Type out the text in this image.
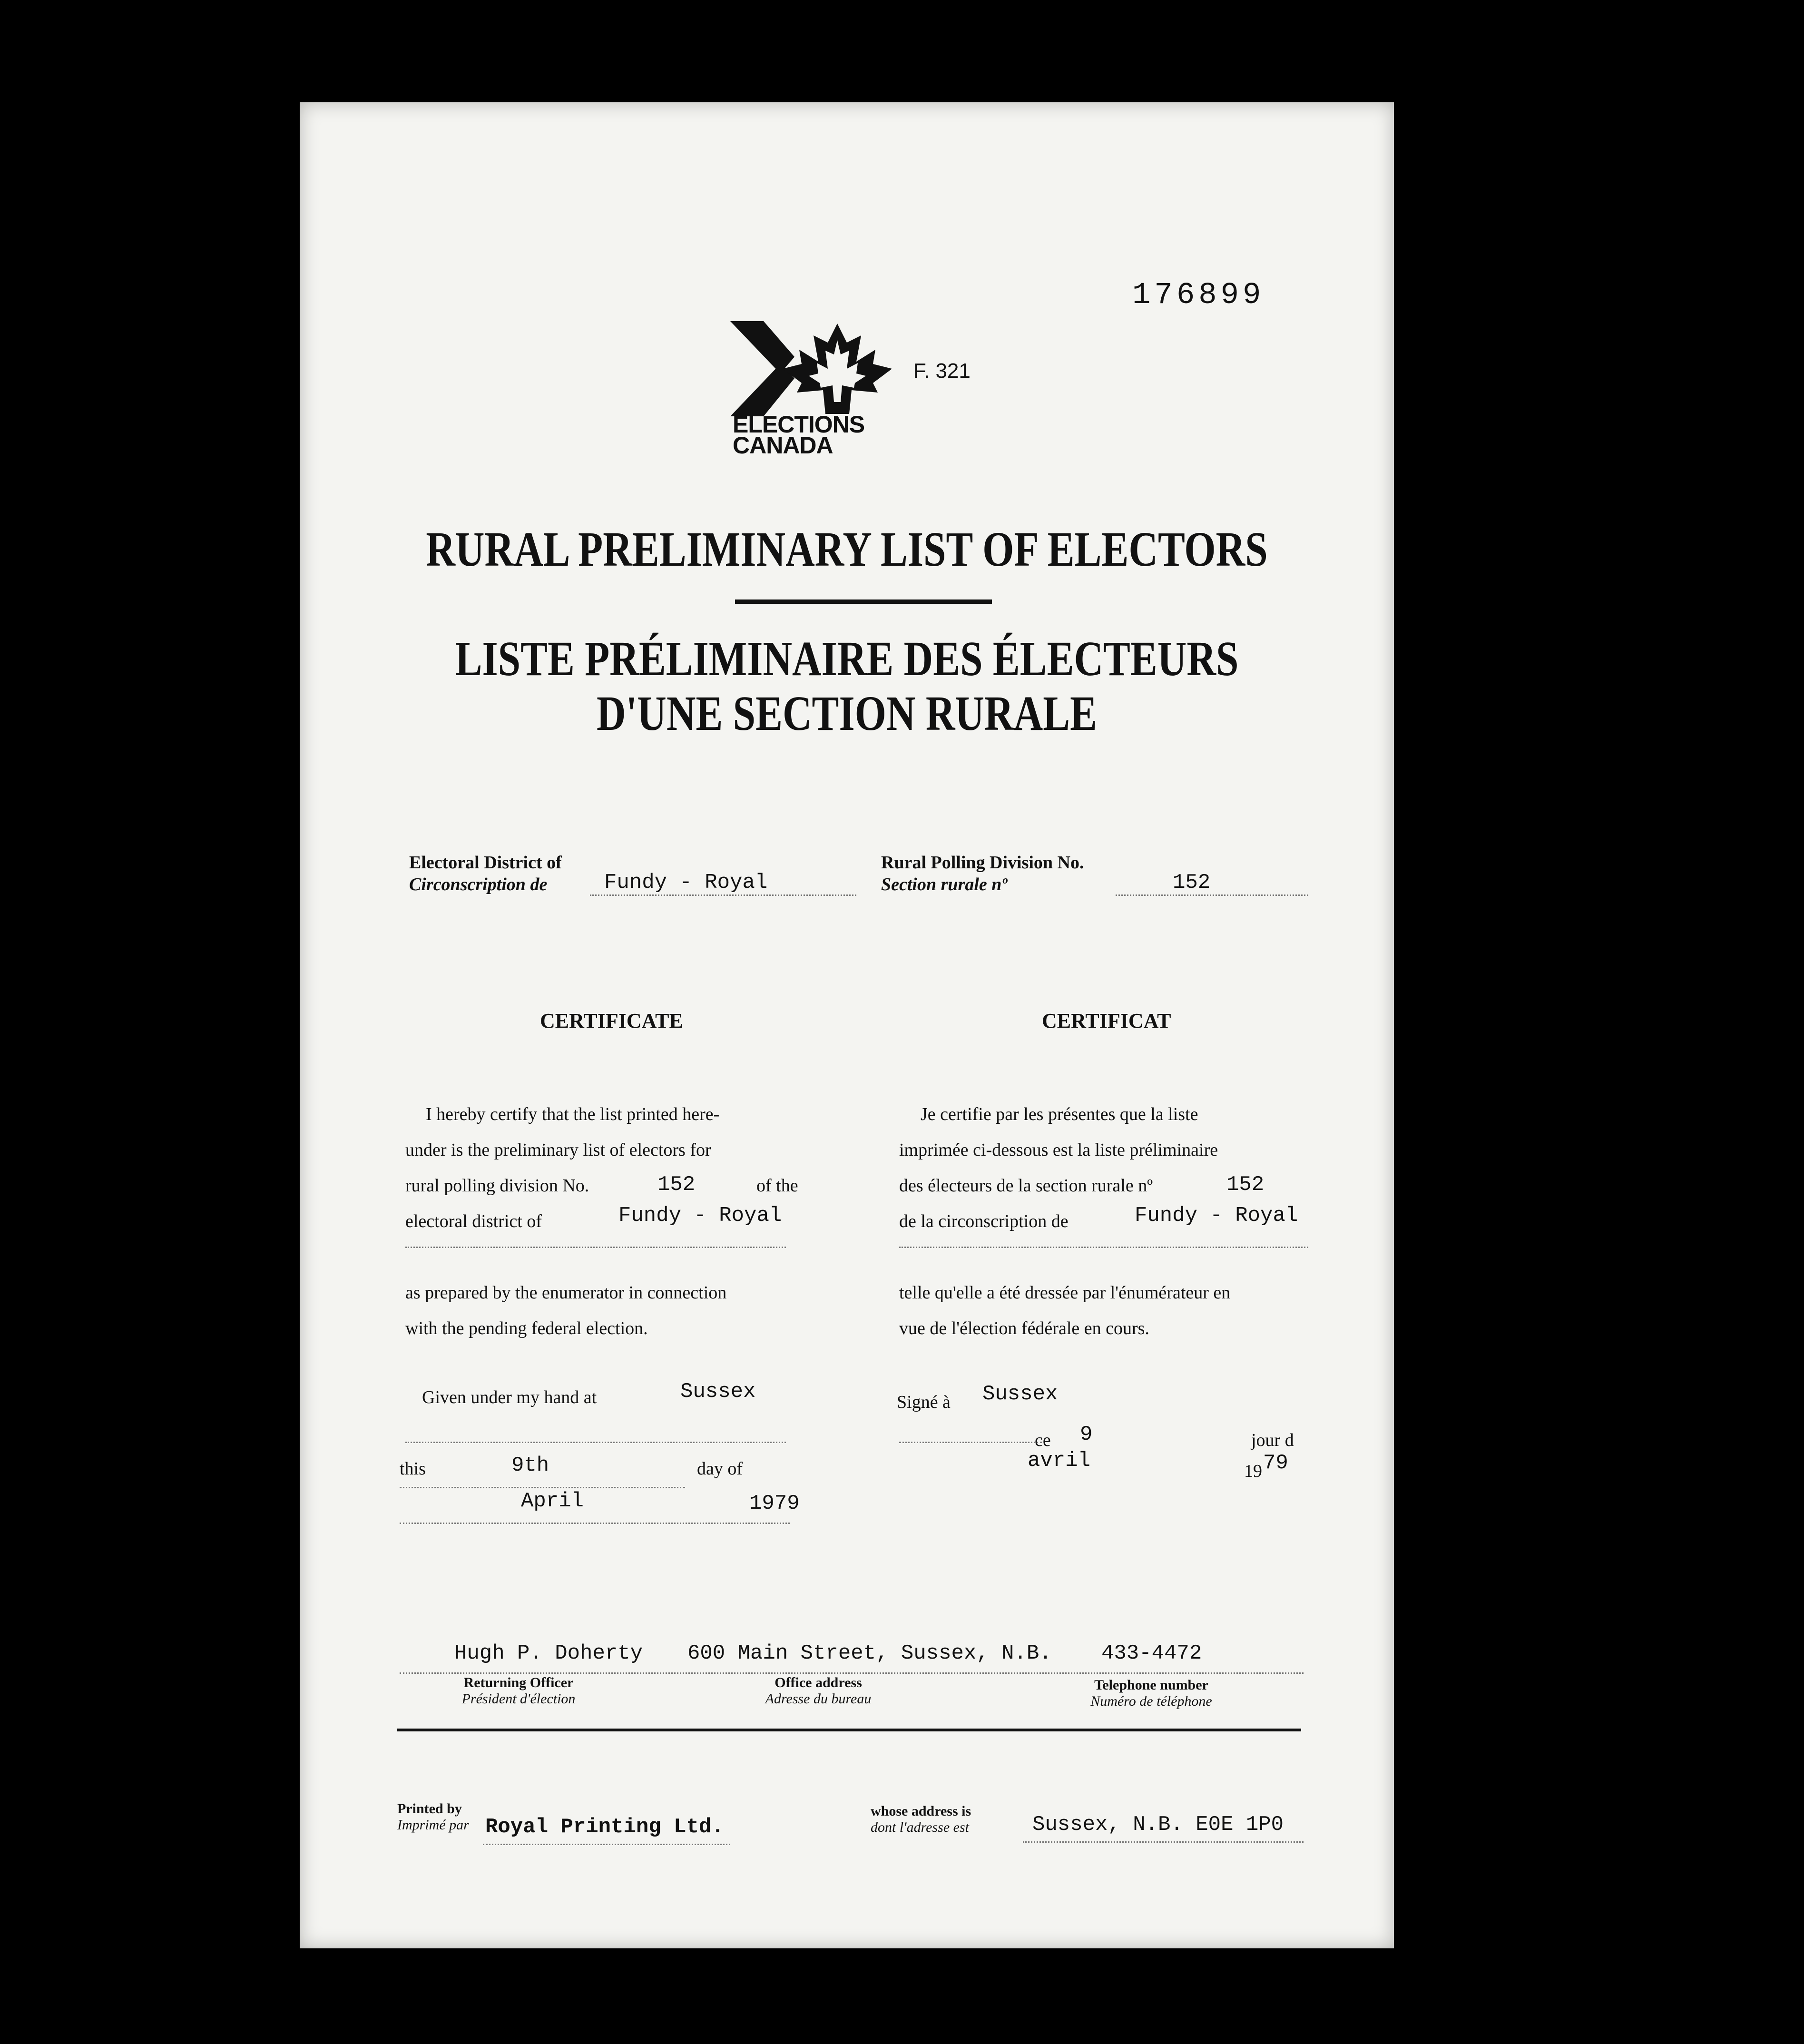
176899
F. 321
ELECTIONS
CANADA
RURAL PRELIMINARY LIST OF ELECTORS
LISTE PRÉLIMINAIRE DES ÉLECTEURS
D'UNE SECTION RURALE
Electoral District of
Circonscription de	Fundy - Royal
Rural Polling Division No.
Section rurale nº	152
CERTIFICATE
I hereby certify that the list printed here-
under is the preliminary list of electors for
rural polling division No.	152	of the
electoral district of	Fundy - Royal
as prepared by the enumerator in connection
with the pending federal election.
Given under my hand at	Sussex
this	9th	day of
April	1979
CERTIFICAT
Je certifie par les présentes que la liste
imprimée ci-dessous est la liste préliminaire
des électeurs de la section rurale nº	152
de la circonscription de	Fundy - Royal
telle qu'elle a été dressée par l'énumérateur en
vue de l'élection fédérale en cours.
Signé à Sussex
ce 9	jour d
avril	19 79
Hugh P. Doherty 600 Main Street, Sussex, N.B. 433-4472
Returning Officer
Président d'élection
Office address
Adresse du bureau
Telephone number
Numéro de téléphone
Printed by
Imprimé par Royal Printing Ltd.
whose address is
dont l'adresse est	Sussex, N.B. E0E 1P0
